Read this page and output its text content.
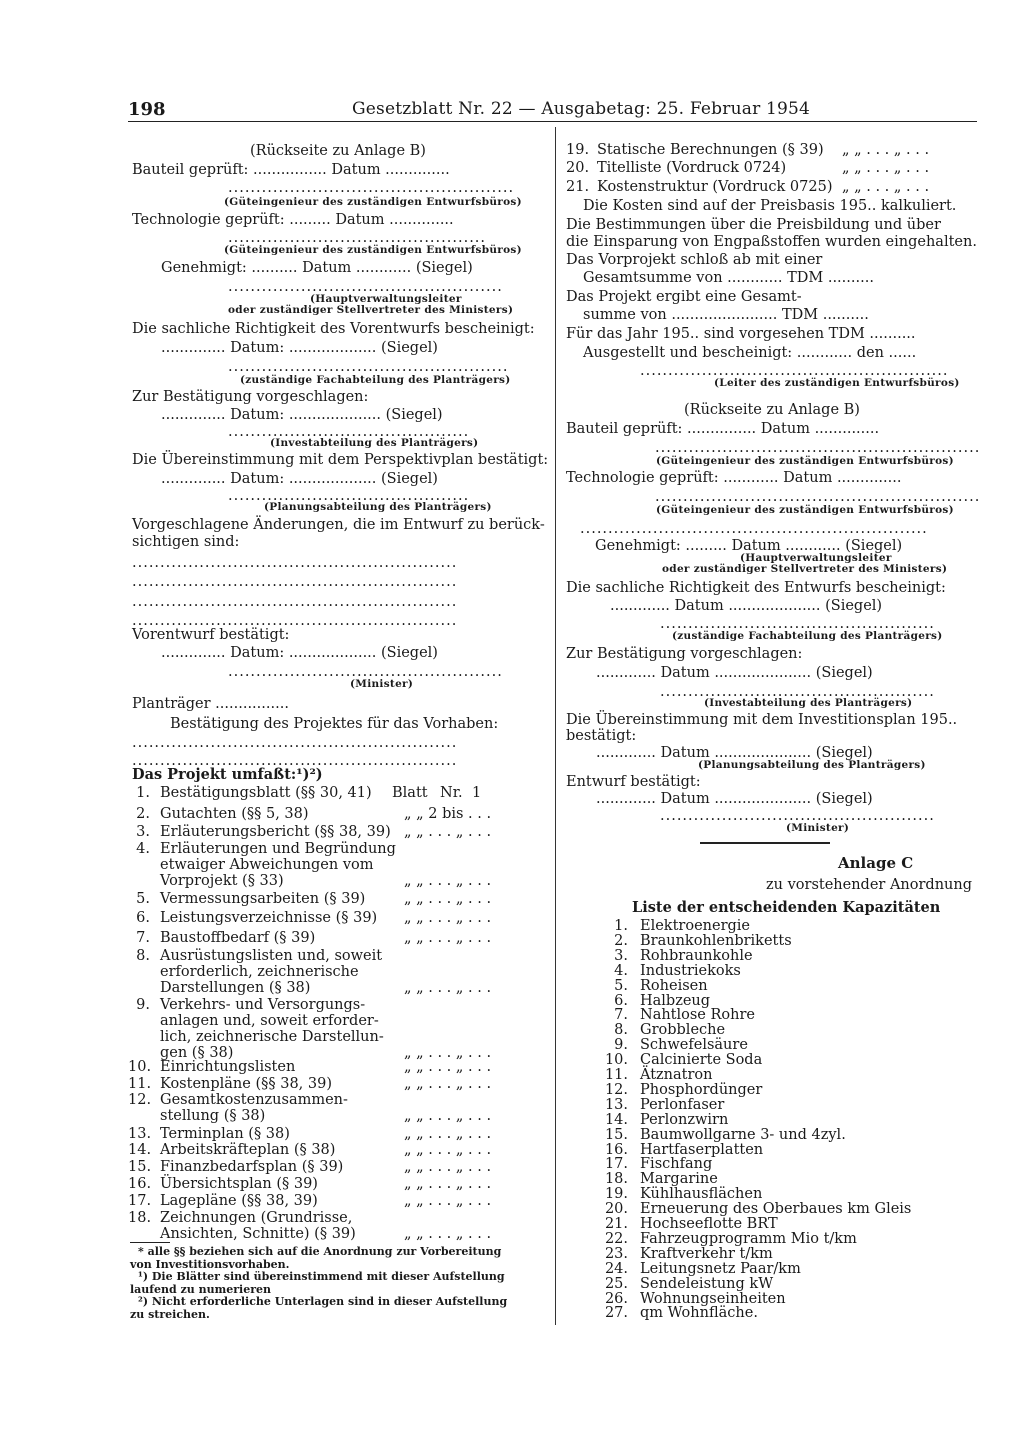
198	Gesetzblatt Nr. 22 — Ausgabetag: 25. Februar 1954
(Rückseite zu Anlage B)
Bauteil geprüft: ................ Datum ..............
...................................................
(Güteingenieur des zuständigen Entwurfsbüros)
Technologie geprüft: ......... Datum ..............
..............................................
(Güteingenieur des zuständigen Entwurfsbüros)
Genehmigt: .......... Datum ............ (Siegel)
.................................................
(Hauptverwaltungsleiter
oder zuständiger Stellvertreter des Ministers)
Die sachliche Richtigkeit des Vorentwurfs bescheinigt:
.............. Datum: ................... (Siegel)
..................................................
(zuständige Fachabteilung des Planträgers)
Zur Bestätigung vorgeschlagen:
.............. Datum: .................... (Siegel)
...........................................
(Investabteilung des Planträgers)
Die Übereinstimmung mit dem Perspektivplan bestätigt:
.............. Datum: ................... (Siegel)
...........................................
(Planungsabteilung des Planträgers)
Vorgeschlagene Änderungen, die im Entwurf zu berück-
sichtigen sind:
..........................................................
..........................................................
..........................................................
..........................................................
Vorentwurf bestätigt:
.............. Datum: ................... (Siegel)
.................................................
(Minister)
Planträger ................
Bestätigung des Projektes für das Vorhaben:
..........................................................
..........................................................
Das Projekt umfaßt:¹)²)
Blatt Nr.
1. Bestätigungsblatt (§§ 30, 41)	1
2. Gutachten (§§ 5, 38)	„ „ 2 bis . . .
3. Erläuterungsbericht (§§ 38, 39) „ „ . . . „ . . .
4. Erläuterungen und Begründung
etwaiger Abweichungen vom
Vorprojekt (§ 33)	„ „ . . . „ . . .
5. Vermessungsarbeiten (§ 39)	„ „ . . . „ . . .
6. Leistungsverzeichnisse (§ 39) „ „ . . . „ . . .
7. Baustoffbedarf (§ 39)	„ „ . . . „ . . .
8. Ausrüstungslisten und, soweit
erforderlich, zeichnerische
Darstellungen (§ 38)	„ „ . . . „ . . .
9. Verkehrs- und Versorgungs-
anlagen und, soweit erforder-
lich, zeichnerische Darstellun-
gen (§ 38)	„ „ . . . „ . . .
10. Einrichtungslisten	„ „ . . . „ . . .
11. Kostenpläne (§§ 38, 39)	„ „ . . . „ . . .
12. Gesamtkostenzusammen-
stellung (§ 38)	„ „ . . . „ . . .
13. Terminplan (§ 38)	„ „ . . . „ . . .
14. Arbeitskräfteplan (§ 38)	„ „ . . . „ . . .
15. Finanzbedarfsplan (§ 39)	„ „ . . . „ . . .
16. Übersichtsplan (§ 39)	„ „ . . . „ . . .
17. Lagepläne (§§ 38, 39)	„ „ . . . „ . . .
18. Zeichnungen (Grundrisse,
Ansichten, Schnitte) (§ 39)	„ „ . . . „ . . .
* alle §§ beziehen sich auf die Anordnung zur Vorbereitung
von Investitionsvorhaben.
¹) Die Blätter sind übereinstimmend mit dieser Aufstellung
laufend zu numerieren
²) Nicht erforderliche Unterlagen sind in dieser Aufstellung
zu streichen.
19. Statische Berechnungen (§ 39) „ „ . . . „ . . .
20. Titelliste (Vordruck 0724)	„ „ . . . „ . . .
21. Kostenstruktur (Vordruck 0725) „ „ . . . „ . . .
Die Kosten sind auf der Preisbasis 195.. kalkuliert.
Die Bestimmungen über die Preisbildung und über
die Einsparung von Engpaßstoffen wurden eingehalten.
Das Vorprojekt schloß ab mit einer
Gesamtsumme von ............ TDM ..........
Das Projekt ergibt eine Gesamt-
summe von ....................... TDM ..........
Für das Jahr 195.. sind vorgesehen TDM ..........
Ausgestellt und bescheinigt: ............ den ......
.......................................................
(Leiter des zuständigen Entwurfsbüros)
(Rückseite zu Anlage B)
Bauteil geprüft: ............... Datum ..............
..........................................................
(Güteingenieur des zuständigen Entwurfsbüros)
Technologie geprüft: ............ Datum ..............
..........................................................
(Güteingenieur des zuständigen Entwurfsbüros)
..............................................................
Genehmigt: ......... Datum ............ (Siegel)
(Hauptverwaltungsleiter
oder zuständiger Stellvertreter des Ministers)
Die sachliche Richtigkeit des Entwurfs bescheinigt:
............. Datum .................... (Siegel)
.................................................
(zuständige Fachabteilung des Planträgers)
Zur Bestätigung vorgeschlagen:
............. Datum ..................... (Siegel)
.................................................
(Investabteilung des Planträgers)
Die Übereinstimmung mit dem Investitionsplan 195..
bestätigt:
............. Datum ..................... (Siegel)
(Planungsabteilung des Planträgers)
Entwurf bestätigt:
............. Datum ..................... (Siegel)
.................................................
(Minister)
Anlage C
zu vorstehender Anordnung
Liste der entscheidenden Kapazitäten
1. Elektroenergie
2. Braunkohlenbriketts
3. Rohbraunkohle
4. Industriekoks
5. Roheisen
6. Halbzeug
7. Nahtlose Rohre
8. Grobbleche
9. Schwefelsäure
10. Calcinierte Soda
11. Ätznatron
12. Phosphordünger
13. Perlonfaser
14. Perlonzwirn
15. Baumwollgarne 3- und 4zyl.
16. Hartfaserplatten
17. Fischfang
18. Margarine
19. Kühlhausflächen
20. Erneuerung des Oberbaues km Gleis
21. Hochseeflotte BRT
22. Fahrzeugprogramm Mio t/km
23. Kraftverkehr t/km
24. Leitungsnetz Paar/km
25. Sendeleistung kW
26. Wohnungseinheiten
27. qm Wohnfläche.
